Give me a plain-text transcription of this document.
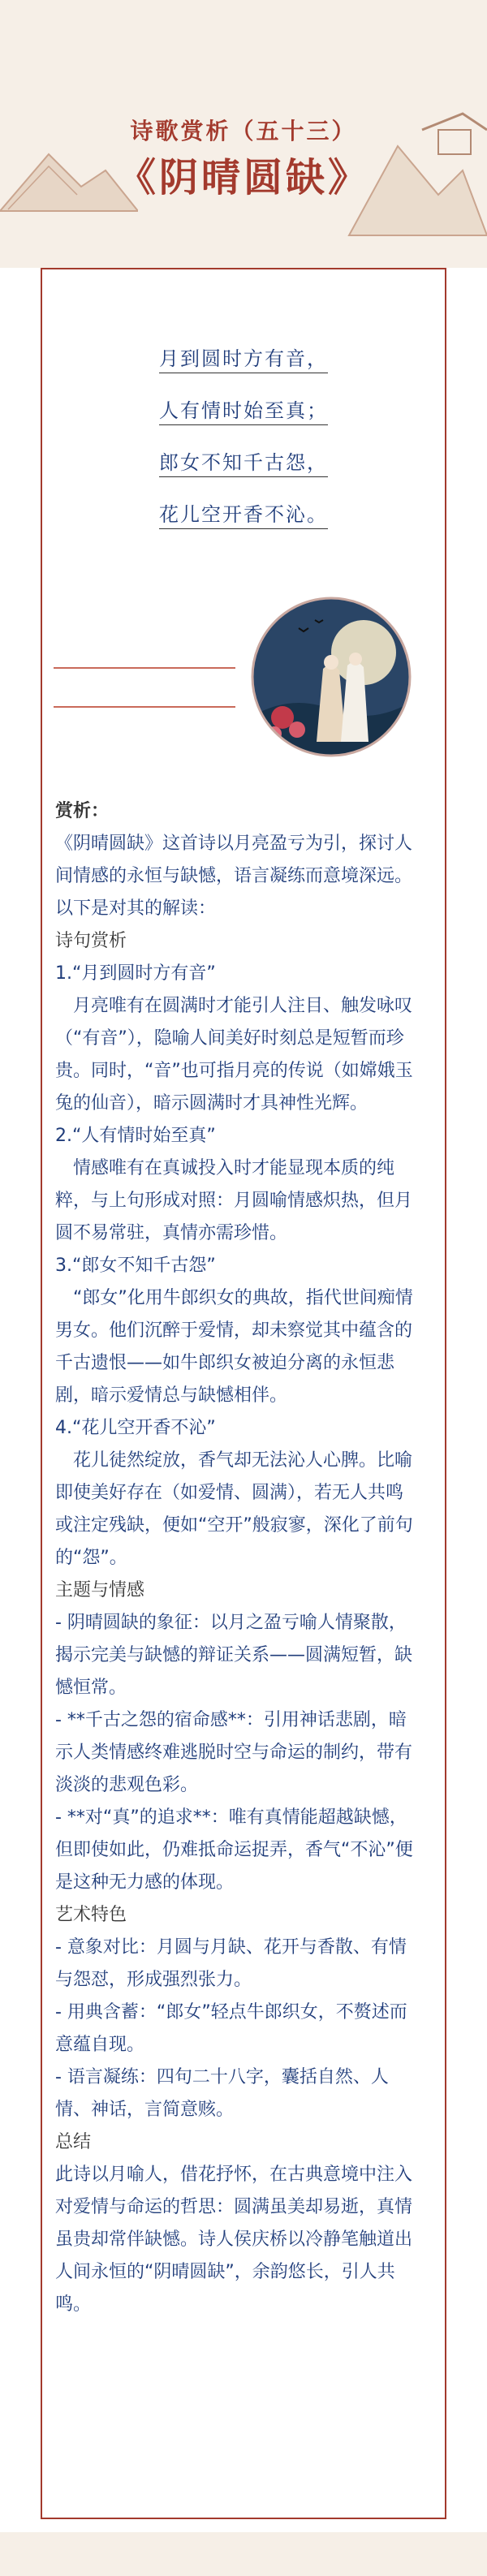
诗歌赏析（五十三）
《阴晴圆缺》
月到圆时方有音，
人有情时始至真；
郎女不知千古怨，
花儿空开香不沁。

赏析：

《阴晴圆缺》这首诗以月亮盈亏为引，探讨人间情感的永恒与缺憾，语言凝练而意境深远。以下是对其的解读：

诗句赏析

1.“月到圆时方有音”

　月亮唯有在圆满时才能引人注目、触发咏叹（“有音”），隐喻人间美好时刻总是短暂而珍贵。同时，“音”也可指月亮的传说（如嫦娥玉兔的仙音），暗示圆满时才具神性光辉。

2.“人有情时始至真”

　情感唯有在真诚投入时才能显现本质的纯粹，与上句形成对照：月圆喻情感炽热，但月圆不易常驻，真情亦需珍惜。

3.“郎女不知千古怨”

　“郎女”化用牛郎织女的典故，指代世间痴情男女。他们沉醉于爱情，却未察觉其中蕴含的千古遗恨——如牛郎织女被迫分离的永恒悲剧，暗示爱情总与缺憾相伴。

4.“花儿空开香不沁”

　花儿徒然绽放，香气却无法沁人心脾。比喻即使美好存在（如爱情、圆满），若无人共鸣或注定残缺，便如“空开”般寂寥，深化了前句的“怨”。

主题与情感

- 阴晴圆缺的象征：以月之盈亏喻人情聚散，揭示完美与缺憾的辩证关系——圆满短暂，缺憾恒常。

- **千古之怨的宿命感**：引用神话悲剧，暗示人类情感终难逃脱时空与命运的制约，带有淡淡的悲观色彩。

- **对“真”的追求**：唯有真情能超越缺憾，但即使如此，仍难抵命运捉弄，香气“不沁”便是这种无力感的体现。

艺术特色

- 意象对比：月圆与月缺、花开与香散、有情与怨怼，形成强烈张力。

- 用典含蓄：“郎女”轻点牛郎织女，不赘述而意蕴自现。

- 语言凝练：四句二十八字，囊括自然、人情、神话，言简意赅。

总结

此诗以月喻人，借花抒怀，在古典意境中注入对爱情与命运的哲思：圆满虽美却易逝，真情虽贵却常伴缺憾。诗人侯庆桥以冷静笔触道出人间永恒的“阴晴圆缺”，余韵悠长，引人共鸣。
